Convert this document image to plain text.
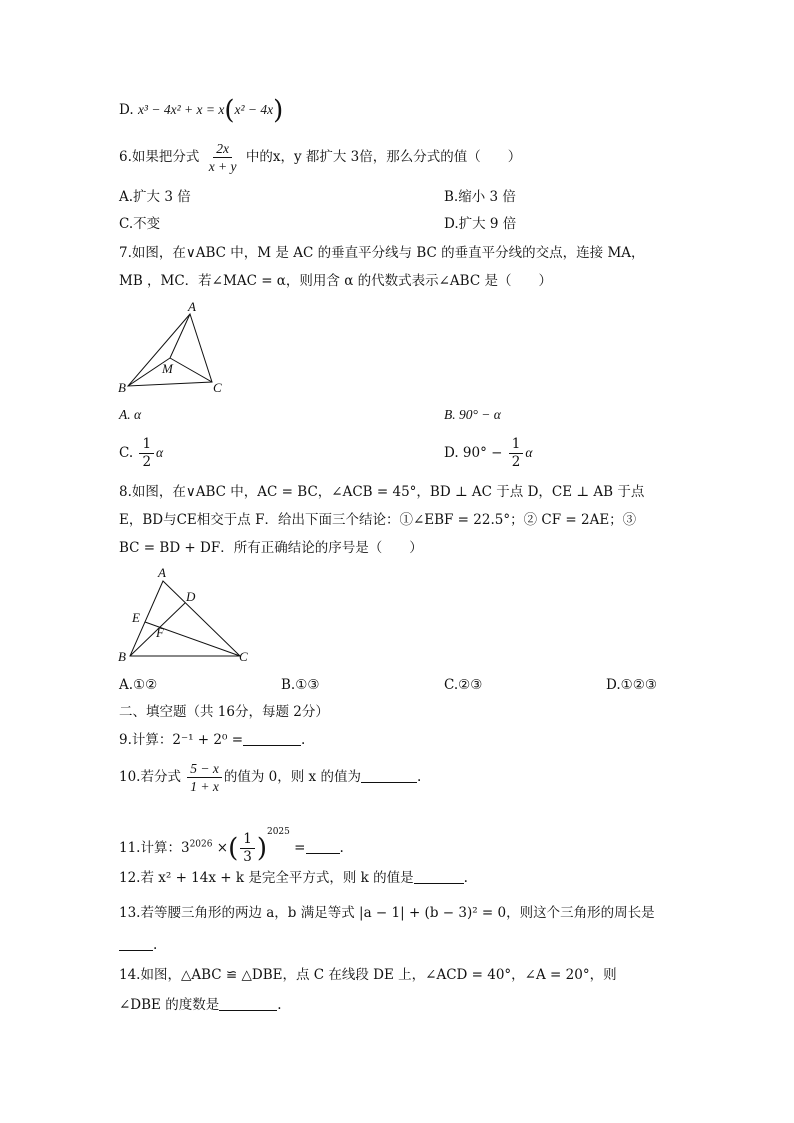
D. x³ − 4x² + x = x(x² − 4x)
6.如果把分式 $\frac{2x}{x + y}$ 中的x，y 都扩大 3倍，那么分式的值（　　）
A.扩大 3 倍	B.缩小 3 倍
C.不变	D.扩大 9 倍
7.如图，在∨ABC 中，M 是 AC 的垂直平分线与 BC 的垂直平分线的交点，连接 MA，
MB ，MC．若∠MAC = α，则用含 α 的代数式表示∠ABC 是（　　）
A
B	C
M
A. α	B. 90° − α
C. $\frac{1}{2}$ α	D. $90^\circ - \frac{1}{2}$ α
8.如图，在∨ABC 中，AC = BC，∠ACB = 45°，BD ⊥ AC 于点 D，CE ⊥ AB 于点
E，BD与CE相交于点 F．给出下面三个结论：①∠EBF = 22.5°；② CF = 2AE；③
BC = BD + DF．所有正确结论的序号是（　　）
A
B	C
D
E
F
A.①②	B.①③	C.②③	D.①②③
二、填空题（共 16分，每题 2分）
9.计算：2⁻¹ + 2⁰ =	.
10.若分式 $\frac{5 - x}{1 + x}$ 的值为 0，则 x 的值为	.
11.计算：$3^{2026}$ ×( $\frac{1}{3} )^{2025}$ =	.
12.若 x² + 14x + k 是完全平方式，则 k 的值是	.
13.若等腰三角形的两边 a，b 满足等式 |a − 1| + (b − 3)² = 0，则这个三角形的周长是
.
14.如图，△ABC ≌ △DBE，点 C 在线段 DE 上，∠ACD = 40°，∠A = 20°，则
∠DBE 的度数是	.
